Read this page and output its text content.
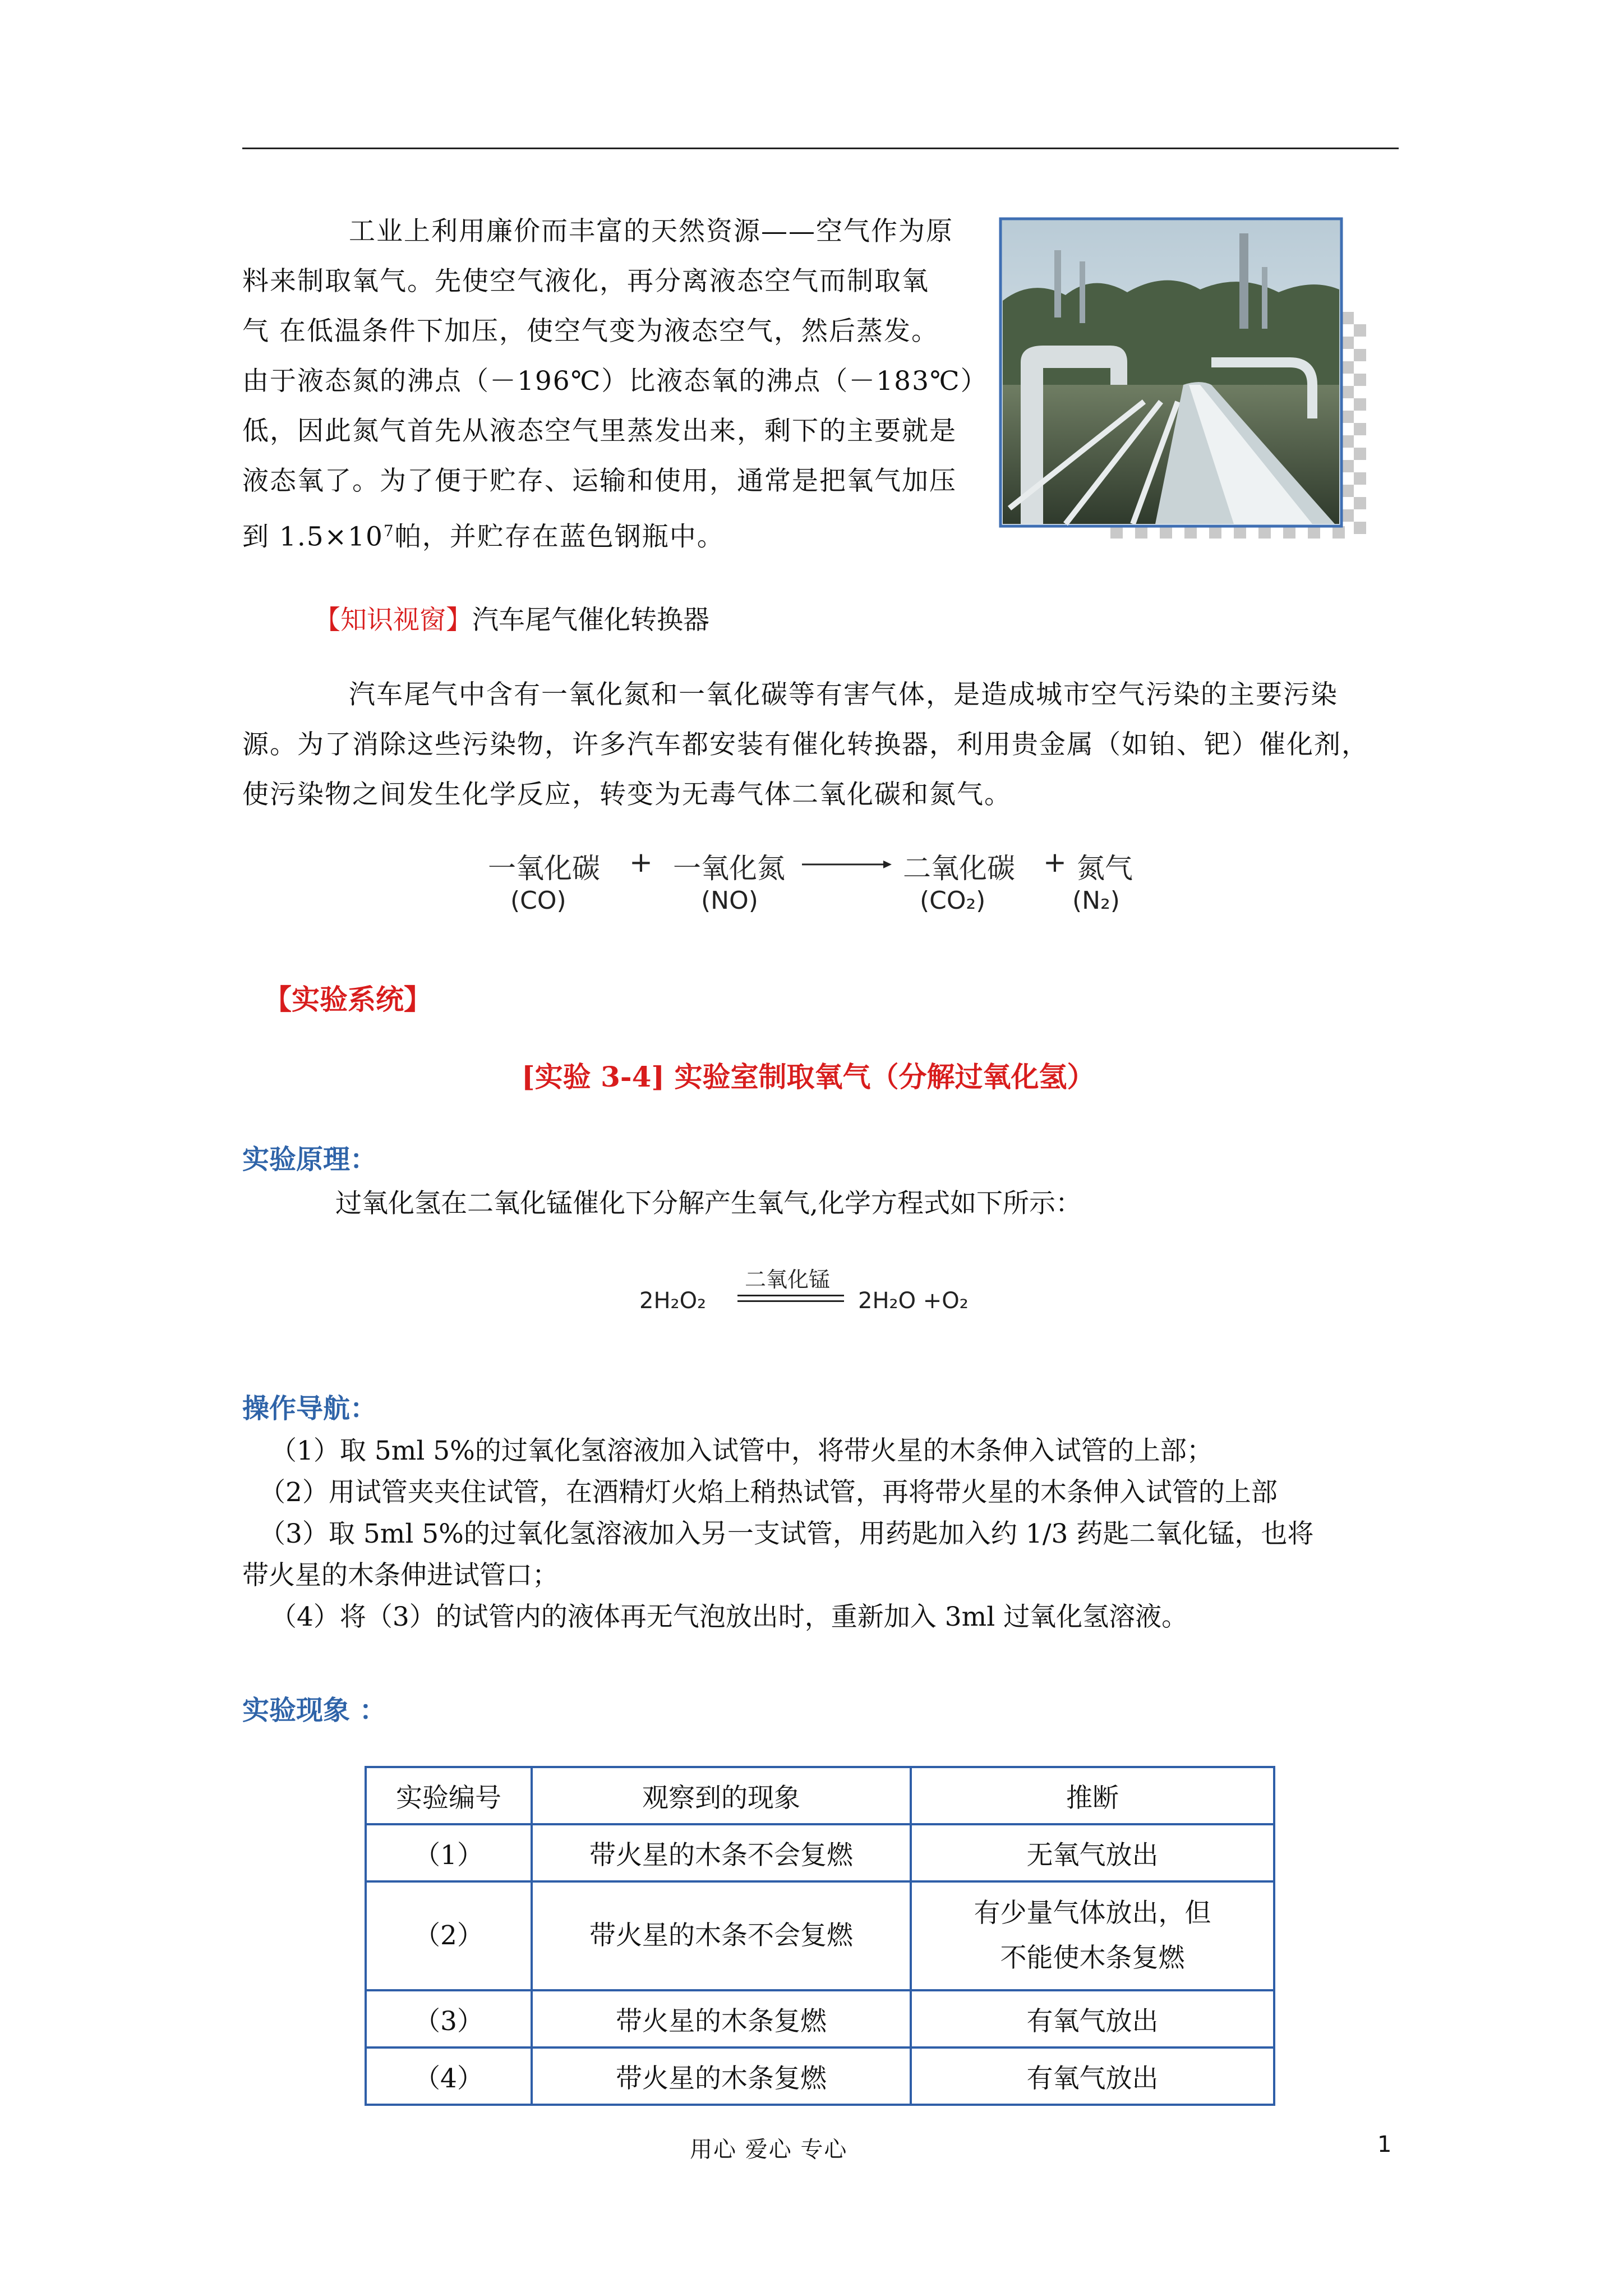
工业上利用廉价而丰富的天然资源——空气作为原
料来制取氧气。先使空气液化，再分离液态空气而制取氧
气 在低温条件下加压，使空气变为液态空气，然后蒸发。
由于液态氮的沸点（－196℃）比液态氧的沸点（－183℃）
低，因此氮气首先从液态空气里蒸发出来，剩下的主要就是
液态氧了。为了便于贮存、运输和使用，通常是把氧气加压
到 $1.5\times 10^7$帕，并贮存在蓝色钢瓶中。
【知识视窗】汽车尾气催化转换器
汽车尾气中含有一氧化氮和一氧化碳等有害气体，是造成城市空气污染的主要污染
源。为了消除这些污染物，许多汽车都安装有催化转换器，利用贵金属（如铂、钯）催化剂，
使污染物之间发生化学反应，转变为无毒气体二氧化碳和氮气。
一氧化碳
(CO)
+ 一氧化氮
(NO)
二氧化碳
(CO₂)
+ 氮气
(N₂)
【实验系统】
[实验 3-4] 实验室制取氧气（分解过氧化氢）
实验原理：
过氧化氢在二氧化锰催化下分解产生氧气,化学方程式如下所示：
2H₂O₂
二氧化锰
2H₂O +O₂
操作导航：
（1）取 5ml 5%的过氧化氢溶液加入试管中，将带火星的木条伸入试管的上部；
（2）用试管夹夹住试管，在酒精灯火焰上稍热试管，再将带火星的木条伸入试管的上部
（3）取 5ml 5%的过氧化氢溶液加入另一支试管，用药匙加入约 1/3 药匙二氧化锰，也将
带火星的木条伸进试管口；
（4）将（3）的试管内的液体再无气泡放出时，重新加入 3ml 过氧化氢溶液。
实验现象 ：
实验编号	观察到的现象	推断
（1）	带火星的木条不会复燃	无氧气放出
（2）	带火星的木条不会复燃	有少量气体放出，但
不能使木条复燃

（3）	带火星的木条复燃	有氧气放出
（4）	带火星的木条复燃	有氧气放出
用心 爱心 专心	1
